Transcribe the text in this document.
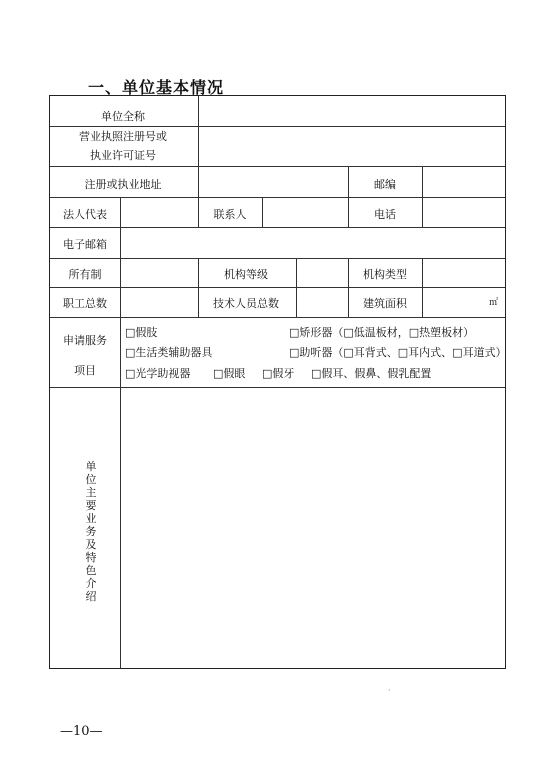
一、单位基本情况
单位全称
营业执照注册号或
执业许可证号
注册或执业地址	邮编
法人代表	联系人	电话
电子邮箱
所有制	机构等级	机构类型
职工总数	技术人员总数	建筑面积	㎡
申请服务
项目
□假肢	□矫形器（□低温板材，□热塑板材）
□生活类辅助器具	□助听器（□耳背式、□耳内式、□耳道式）
□光学助视器 □假眼 □假牙 □假耳、假鼻、假乳配置
单位主要业务及特色介绍
·
—10—
